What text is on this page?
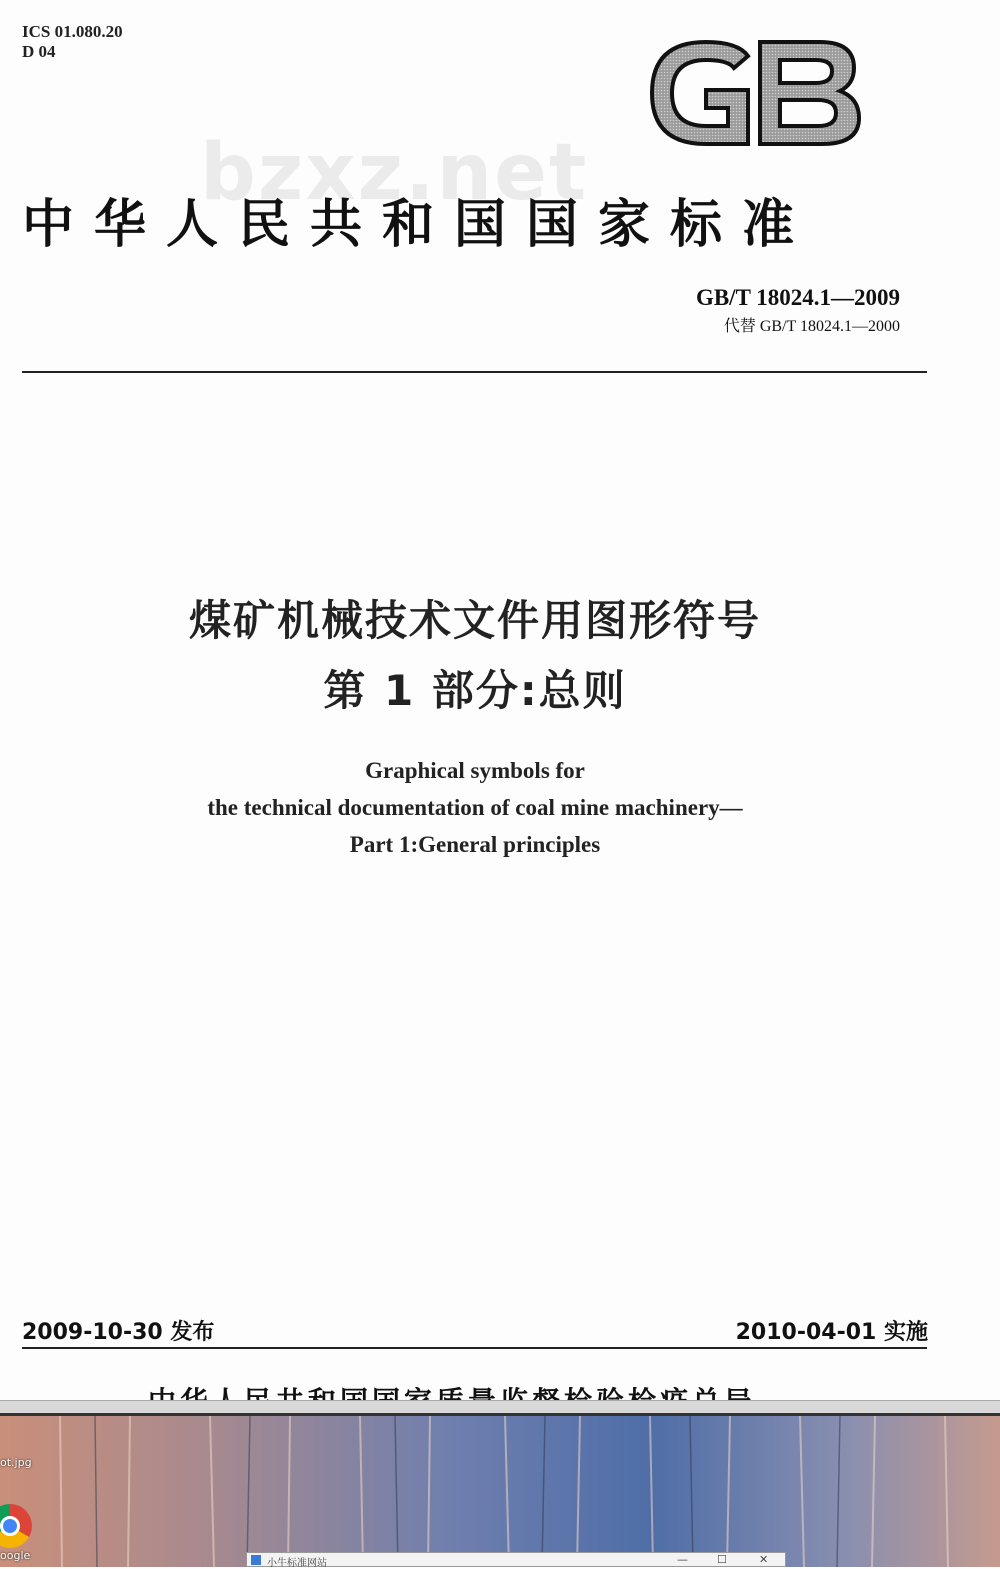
ICS 01.080.20
D 04
bzxz.net
中华人民共和国国家标准
GB/T 18024.1—2009
代替 GB/T 18024.1—2000
煤矿机械技术文件用图形符号
第 1 部分:总则
Graphical symbols for
the technical documentation of coal mine machinery—
Part 1:General principles
2009-10-30 发布	2010-04-01 实施
ot.jpg
oogle
小牛标准网站	—	☐	✕
